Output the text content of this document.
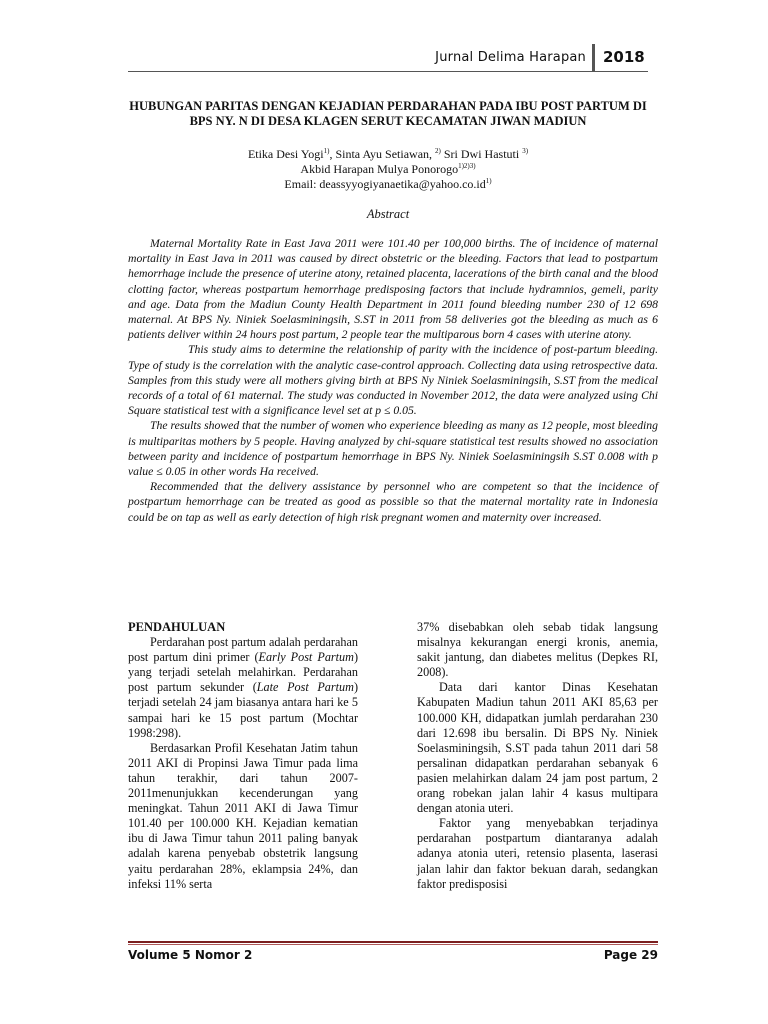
Jurnal Delima Harapan 2018
HUBUNGAN PARITAS DENGAN KEJADIAN PERDARAHAN PADA IBU POST PARTUM DI BPS NY. N DI DESA KLAGEN SERUT KECAMATAN JIWAN MADIUN
Etika Desi Yogi$^{1)}$, Sinta Ayu Setiawan, $^{2)}$ Sri Dwi Hastuti $^{3)}$
Akbid Harapan Mulya Ponorogo$^{1)2)3)}$
Email: $deassyyogiyanaetika@yahoo.co.id^{1)}$
Abstract

Maternal Mortality Rate in East Java 2011 were 101.40 per 100,000 births. The of incidence of maternal mortality in East Java in 2011 was caused by direct obstetric or the bleeding. Factors that lead to postpartum hemorrhage include the presence of uterine atony, retained placenta, lacerations of the birth canal and the blood clotting factor, whereas postpartum hemorrhage predisposing factors that include hydramnios, gemeli, parity and age. Data from the Madiun County Health Department in 2011 found bleeding number 230 of 12 698 maternal. At BPS Ny. Niniek Soelasminingsih, S.ST in 2011 from 58 deliveries got the bleeding as much as 6 patients deliver within 24 hours post partum, 2 people tear the multiparous born 4 cases with uterine atony.

This study aims to determine the relationship of parity with the incidence of post-partum bleeding. Type of study is the correlation with the analytic case-control approach. Collecting data using retrospective data. Samples from this study were all mothers giving birth at BPS Ny Niniek Soelasminingsih, S.ST from the medical records of a total of 61 maternal. The study was conducted in November 2012, the data were analyzed using Chi Square statistical test with a significance level set at p ≤ 0.05.

The results showed that the number of women who experience bleeding as many as 12 people, most bleeding is multiparitas mothers by 5 people. Having analyzed by chi-square statistical test results showed no association between parity and incidence of postpartum hemorrhage in BPS Ny. Niniek Soelasminingsih S.ST 0.008 with p value ≤ 0.05 in other words Ha received.

Recommended that the delivery assistance by personnel who are competent so that the incidence of postpartum hemorrhage can be treated as good as possible so that the maternal mortality rate in Indonesia could be on tap as well as early detection of high risk pregnant women and maternity over increased.

PENDAHULUAN

Perdarahan post partum adalah perdarahan post partum dini primer (Early Post Partum) yang terjadi setelah melahirkan. Perdarahan post partum sekunder (Late Post Partum) terjadi setelah 24 jam biasanya antara hari ke 5 sampai hari ke 15 post partum (Mochtar 1998:298).

Berdasarkan Profil Kesehatan Jatim tahun 2011 AKI di Propinsi Jawa Timur pada lima tahun terakhir, dari tahun 2007-2011menunjukkan kecenderungan yang meningkat. Tahun 2011 AKI di Jawa Timur 101.40 per 100.000 KH. Kejadian kematian ibu di Jawa Timur tahun 2011 paling banyak adalah karena penyebab obstetrik langsung yaitu perdarahan 28%, eklampsia 24%, dan infeksi 11% serta

37% disebabkan oleh sebab tidak langsung misalnya kekurangan energi kronis, anemia, sakit jantung, dan diabetes melitus (Depkes RI, 2008).

Data dari kantor Dinas Kesehatan Kabupaten Madiun tahun 2011 AKI 85,63 per 100.000 KH, didapatkan jumlah perdarahan 230 dari 12.698 ibu bersalin. Di BPS Ny. Niniek Soelasminingsih, S.ST pada tahun 2011 dari 58 persalinan didapatkan perdarahan sebanyak 6 pasien melahirkan dalam 24 jam post partum, 2 orang robekan jalan lahir 4 kasus multipara dengan atonia uteri.

Faktor yang menyebabkan terjadinya perdarahan postpartum diantaranya adalah adanya atonia uteri, retensio plasenta, laserasi jalan lahir dan faktor bekuan darah, sedangkan faktor predisposisi

Volume 5 Nomor 2	Page 29
